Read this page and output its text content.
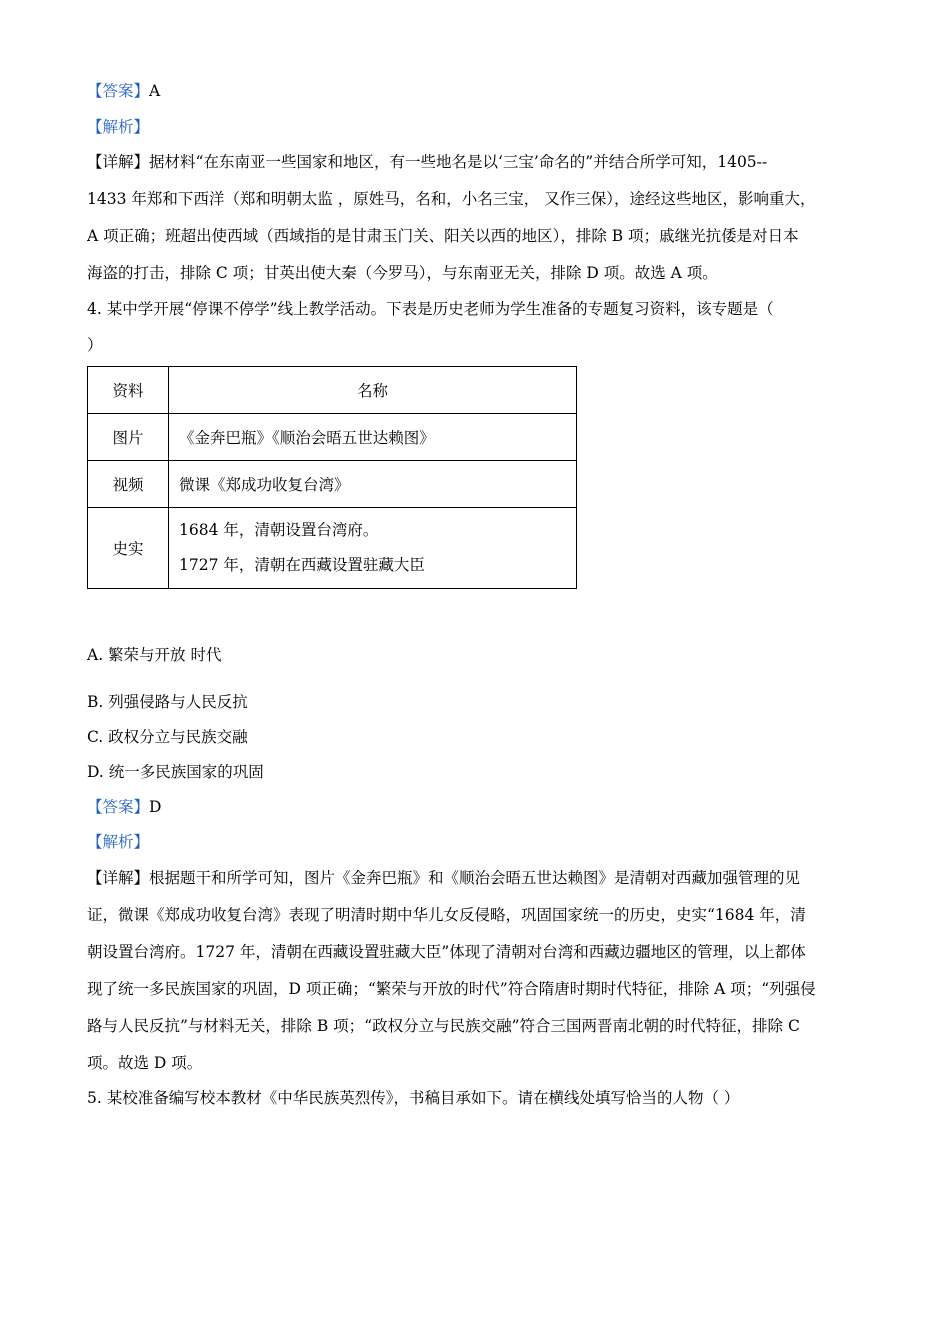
【答案】A
【解析】
【详解】据材料“在东南亚一些国家和地区，有一些地名是以‘三宝’命名的”并结合所学可知，1405--
1433 年郑和下西洋（郑和明朝太监 ，原姓马，名和，小名三宝， 又作三保），途经这些地区，影响重大，
A 项正确；班超出使西域（西域指的是甘肃玉门关、阳关以西的地区），排除 B 项；戚继光抗倭是对日本
海盗的打击，排除 C 项；甘英出使大秦（今罗马），与东南亚无关，排除 D 项。故选 A 项。
4. 某中学开展“停课不停学”线上教学活动。下表是历史老师为学生准备的专题复习资料，该专题是（
）
资料	名称
图片	《金奔巴瓶》《顺治会晤五世达赖图》
视频	微课《郑成功收复台湾》
史实	1684 年，清朝设置台湾府。
1727 年，清朝在西藏设置驻藏大臣
A. 繁荣与开放 时代
B. 列强侵路与人民反抗
C. 政权分立与民族交融
D. 统一多民族国家的巩固
【答案】D
【解析】
【详解】根据题干和所学可知，图片《金奔巴瓶》和《顺治会晤五世达赖图》是清朝对西藏加强管理的见
证，微课《郑成功收复台湾》表现了明清时期中华儿女反侵略，巩固国家统一的历史，史实“1684 年，清
朝设置台湾府。1727 年，清朝在西藏设置驻藏大臣”体现了清朝对台湾和西藏边疆地区的管理，以上都体
现了统一多民族国家的巩固，D 项正确；“繁荣与开放的时代”符合隋唐时期时代特征，排除 A 项；“列强侵
路与人民反抗”与材料无关，排除 B 项；“政权分立与民族交融”符合三国两晋南北朝的时代特征，排除 C
项。故选 D 项。
5. 某校准备编写校本教材《中华民族英烈传》，书稿目承如下。请在横线处填写恰当的人物（ ）
